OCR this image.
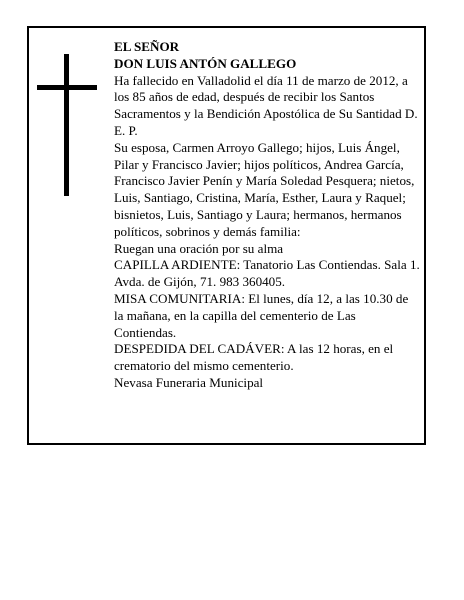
EL SEÑOR

DON LUIS ANTÓN GALLEGO

Ha fallecido en Valladolid el día 11 de marzo de 2012, a los 85 años de edad, después de recibir los Santos Sacramentos y la Bendición Apostólica de Su Santidad D. E. P.

Su esposa, Carmen Arroyo Gallego; hijos, Luis Ángel, Pilar y Francisco Javier; hijos políticos, Andrea García, Francisco Javier Penín y María Soledad Pesquera; nietos, Luis, Santiago, Cristina, María, Esther, Laura y Raquel; bisnietos, Luis, Santiago y Laura; hermanos, hermanos políticos, sobrinos y demás familia:

Ruegan una oración por su alma

CAPILLA ARDIENTE: Tanatorio Las Contiendas. Sala 1. Avda. de Gijón, 71. 983 360405.

MISA COMUNITARIA: El lunes, día 12, a las 10.30 de la mañana, en la capilla del cementerio de Las Contiendas.

DESPEDIDA DEL CADÁVER: A las 12 horas, en el crematorio del mismo cementerio.

Nevasa Funeraria Municipal
